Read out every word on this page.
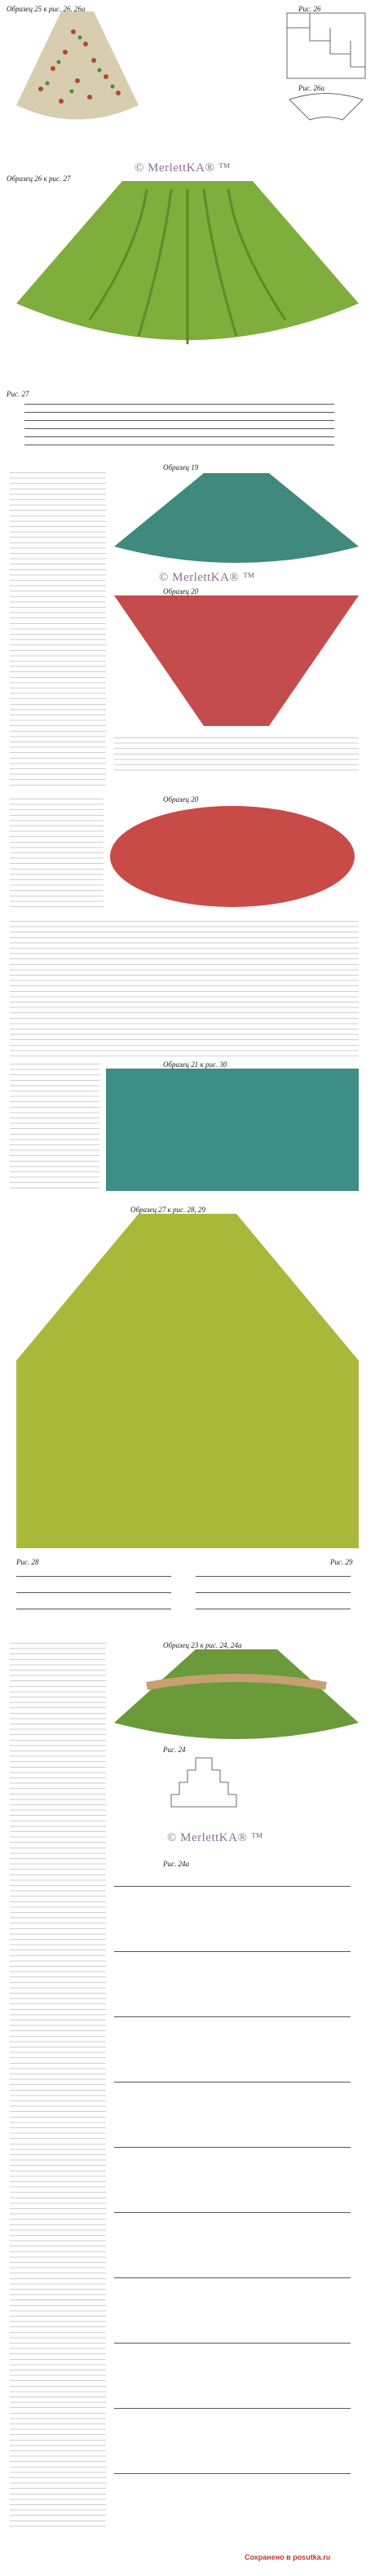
Образец 25 к рис. 26, 26а	Рис. 26
Рис. 26а
Образец 26 к рис. 27
© MerlettKA® ™
Рис. 27
Образец 19
© MerlettKA® ™
Образец 20
Образец 20
Образец 21 к рис. 30
Образец 27 к рис. 28, 29
Рис. 28	Рис. 29
Образец 23 к рис. 24, 24а
Рис. 24
© MerlettKA® ™
Рис. 24а
Сохранено в posutka.ru
